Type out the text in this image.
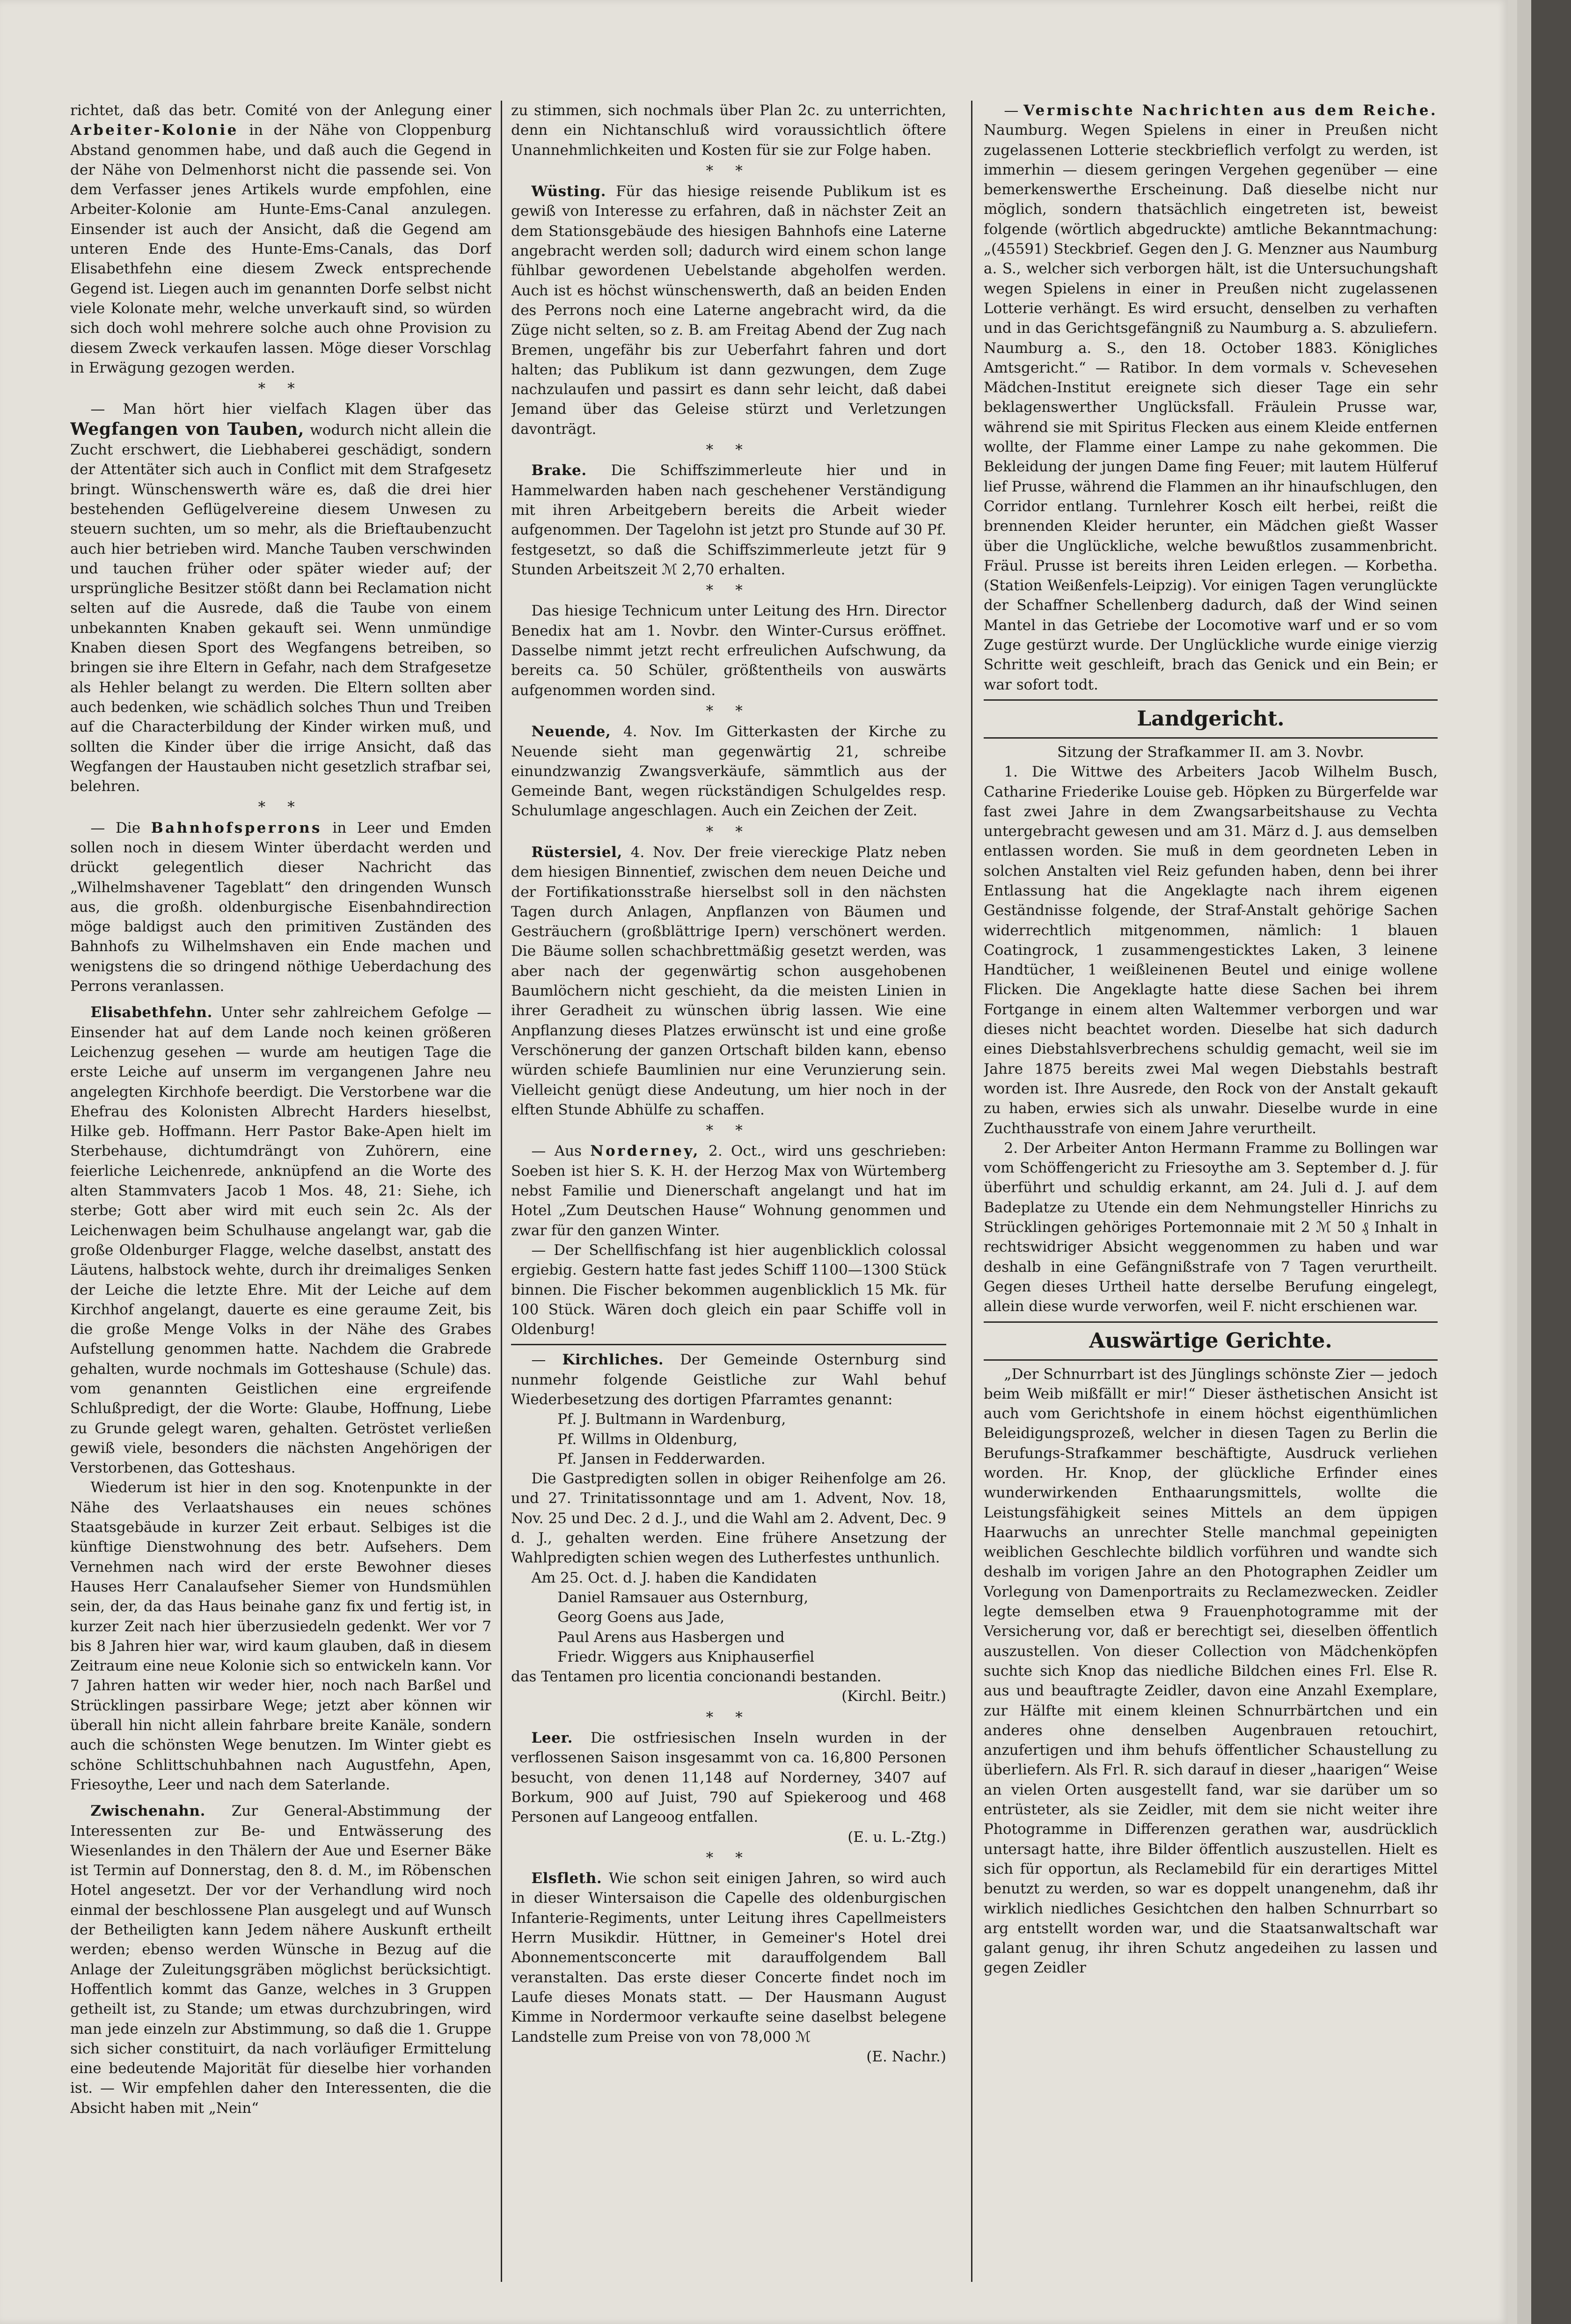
richtet, daß das betr. Comité von der Anlegung einer Arbeiter-Kolonie in der Nähe von Cloppenburg Abstand genommen habe, und daß auch die Gegend in der Nähe von Delmenhorst nicht die passende sei. Von dem Verfasser jenes Artikels wurde empfohlen, eine Arbeiter-Kolonie am Hunte-Ems-Canal anzulegen. Einsender ist auch der Ansicht, daß die Gegend am unteren Ende des Hunte-Ems-Canals, das Dorf Elisabethfehn eine diesem Zweck entsprechende Gegend ist. Liegen auch im genannten Dorfe selbst nicht viele Kolonate mehr, welche unverkauft sind, so würden sich doch wohl mehrere solche auch ohne Provision zu diesem Zweck verkaufen lassen. Möge dieser Vorschlag in Erwägung gezogen werden.

* *

— Man hört hier vielfach Klagen über das Wegfangen von Tauben, wodurch nicht allein die Zucht erschwert, die Liebhaberei geschädigt, sondern der Attentäter sich auch in Conflict mit dem Strafgesetz bringt. Wünschenswerth wäre es, daß die drei hier bestehenden Geflügelvereine diesem Unwesen zu steuern suchten, um so mehr, als die Brieftaubenzucht auch hier betrieben wird. Manche Tauben verschwinden und tauchen früher oder später wieder auf; der ursprüngliche Besitzer stößt dann bei Reclamation nicht selten auf die Ausrede, daß die Taube von einem unbekannten Knaben gekauft sei. Wenn unmündige Knaben diesen Sport des Wegfangens betreiben, so bringen sie ihre Eltern in Gefahr, nach dem Strafgesetze als Hehler belangt zu werden. Die Eltern sollten aber auch bedenken, wie schädlich solches Thun und Treiben auf die Characterbildung der Kinder wirken muß, und sollten die Kinder über die irrige Ansicht, daß das Wegfangen der Haustauben nicht gesetzlich strafbar sei, belehren.

* *

— Die Bahnhofsperrons in Leer und Emden sollen noch in diesem Winter überdacht werden und drückt gelegentlich dieser Nachricht das „Wilhelmshavener Tageblatt“ den dringenden Wunsch aus, die großh. oldenburgische Eisenbahndirection möge baldigst auch den primitiven Zuständen des Bahnhofs zu Wilhelmshaven ein Ende machen und wenigstens die so dringend nöthige Ueberdachung des Perrons veranlassen.

Elisabethfehn. Unter sehr zahlreichem Gefolge — Einsender hat auf dem Lande noch keinen größeren Leichenzug gesehen — wurde am heutigen Tage die erste Leiche auf unserm im vergangenen Jahre neu angelegten Kirchhofe beerdigt. Die Verstorbene war die Ehefrau des Kolonisten Albrecht Harders hieselbst, Hilke geb. Hoffmann. Herr Pastor Bake-Apen hielt im Sterbehause, dichtumdrängt von Zuhörern, eine feierliche Leichenrede, anknüpfend an die Worte des alten Stammvaters Jacob 1 Mos. 48, 21: Siehe, ich sterbe; Gott aber wird mit euch sein 2c. Als der Leichenwagen beim Schulhause angelangt war, gab die große Oldenburger Flagge, welche daselbst, anstatt des Läutens, halbstock wehte, durch ihr dreimaliges Senken der Leiche die letzte Ehre. Mit der Leiche auf dem Kirchhof angelangt, dauerte es eine geraume Zeit, bis die große Menge Volks in der Nähe des Grabes Aufstellung genommen hatte. Nachdem die Grabrede gehalten, wurde nochmals im Gotteshause (Schule) das. vom genannten Geistlichen eine ergreifende Schlußpredigt, der die Worte: Glaube, Hoffnung, Liebe zu Grunde gelegt waren, gehalten. Getröstet verließen gewiß viele, besonders die nächsten Angehörigen der Verstorbenen, das Gotteshaus.

Wiederum ist hier in den sog. Knotenpunkte in der Nähe des Verlaatshauses ein neues schönes Staatsgebäude in kurzer Zeit erbaut. Selbiges ist die künftige Dienstwohnung des betr. Aufsehers. Dem Vernehmen nach wird der erste Bewohner dieses Hauses Herr Canalaufseher Siemer von Hundsmühlen sein, der, da das Haus beinahe ganz fix und fertig ist, in kurzer Zeit nach hier überzusiedeln gedenkt. Wer vor 7 bis 8 Jahren hier war, wird kaum glauben, daß in diesem Zeitraum eine neue Kolonie sich so entwickeln kann. Vor 7 Jahren hatten wir weder hier, noch nach Barßel und Strücklingen passirbare Wege; jetzt aber können wir überall hin nicht allein fahrbare breite Kanäle, sondern auch die schönsten Wege benutzen. Im Winter giebt es schöne Schlittschuhbahnen nach Augustfehn, Apen, Friesoythe, Leer und nach dem Saterlande.

Zwischenahn. Zur General-Abstimmung der Interessenten zur Be- und Entwässerung des Wiesenlandes in den Thälern der Aue und Eserner Bäke ist Termin auf Donnerstag, den 8. d. M., im Röbenschen Hotel angesetzt. Der vor der Verhandlung wird noch einmal der beschlossene Plan ausgelegt und auf Wunsch der Betheiligten kann Jedem nähere Auskunft ertheilt werden; ebenso werden Wünsche in Bezug auf die Anlage der Zuleitungsgräben möglichst berücksichtigt. Hoffentlich kommt das Ganze, welches in 3 Gruppen getheilt ist, zu Stande; um etwas durchzubringen, wird man jede einzeln zur Abstimmung, so daß die 1. Gruppe sich sicher constituirt, da nach vorläufiger Ermittelung eine bedeutende Majorität für dieselbe hier vorhanden ist. — Wir empfehlen daher den Interessenten, die die Absicht haben mit „Nein“

zu stimmen, sich nochmals über Plan 2c. zu unterrichten, denn ein Nichtanschluß wird voraussichtlich öftere Unannehmlichkeiten und Kosten für sie zur Folge haben.

* *

Wüsting. Für das hiesige reisende Publikum ist es gewiß von Interesse zu erfahren, daß in nächster Zeit an dem Stationsgebäude des hiesigen Bahnhofs eine Laterne angebracht werden soll; dadurch wird einem schon lange fühlbar gewordenen Uebelstande abgeholfen werden. Auch ist es höchst wünschenswerth, daß an beiden Enden des Perrons noch eine Laterne angebracht wird, da die Züge nicht selten, so z. B. am Freitag Abend der Zug nach Bremen, ungefähr bis zur Ueberfahrt fahren und dort halten; das Publikum ist dann gezwungen, dem Zuge nachzulaufen und passirt es dann sehr leicht, daß dabei Jemand über das Geleise stürzt und Verletzungen davonträgt.

* *

Brake. Die Schiffszimmerleute hier und in Hammelwarden haben nach geschehener Verständigung mit ihren Arbeitgebern bereits die Arbeit wieder aufgenommen. Der Tagelohn ist jetzt pro Stunde auf 30 Pf. festgesetzt, so daß die Schiffszimmerleute jetzt für 9 Stunden Arbeitszeit ℳ 2,70 erhalten.

* *

Das hiesige Technicum unter Leitung des Hrn. Director Benedix hat am 1. Novbr. den Winter-Cursus eröffnet. Dasselbe nimmt jetzt recht erfreulichen Aufschwung, da bereits ca. 50 Schüler, größtentheils von auswärts aufgenommen worden sind.

* *

Neuende, 4. Nov. Im Gitterkasten der Kirche zu Neuende sieht man gegenwärtig 21, schreibe einundzwanzig Zwangsverkäufe, sämmtlich aus der Gemeinde Bant, wegen rückständigen Schulgeldes resp. Schulumlage angeschlagen. Auch ein Zeichen der Zeit.

* *

Rüstersiel, 4. Nov. Der freie viereckige Platz neben dem hiesigen Binnentief, zwischen dem neuen Deiche und der Fortifikationsstraße hierselbst soll in den nächsten Tagen durch Anlagen, Anpflanzen von Bäumen und Gesträuchern (großblättrige Ipern) verschönert werden. Die Bäume sollen schachbrettmäßig gesetzt werden, was aber nach der gegenwärtig schon ausgehobenen Baumlöchern nicht geschieht, da die meisten Linien in ihrer Geradheit zu wünschen übrig lassen. Wie eine Anpflanzung dieses Platzes erwünscht ist und eine große Verschönerung der ganzen Ortschaft bilden kann, ebenso würden schiefe Baumlinien nur eine Verunzierung sein. Vielleicht genügt diese Andeutung, um hier noch in der elften Stunde Abhülfe zu schaffen.

* *

— Aus Norderney, 2. Oct., wird uns geschrieben: Soeben ist hier S. K. H. der Herzog Max von Würtemberg nebst Familie und Dienerschaft angelangt und hat im Hotel „Zum Deutschen Hause“ Wohnung genommen und zwar für den ganzen Winter.

— Der Schellfischfang ist hier augenblicklich colossal ergiebig. Gestern hatte fast jedes Schiff 1100—1300 Stück binnen. Die Fischer bekommen augenblicklich 15 Mk. für 100 Stück. Wären doch gleich ein paar Schiffe voll in Oldenburg!

— Kirchliches. Der Gemeinde Osternburg sind nunmehr folgende Geistliche zur Wahl behuf Wiederbesetzung des dortigen Pfarramtes genannt:

Pf. J. Bultmann in Wardenburg,

Pf. Willms in Oldenburg,

Pf. Jansen in Fedderwarden.

Die Gastpredigten sollen in obiger Reihenfolge am 26. und 27. Trinitatissonntage und am 1. Advent, Nov. 18, Nov. 25 und Dec. 2 d. J., und die Wahl am 2. Advent, Dec. 9 d. J., gehalten werden. Eine frühere Ansetzung der Wahlpredigten schien wegen des Lutherfestes unthunlich.

Am 25. Oct. d. J. haben die Kandidaten

Daniel Ramsauer aus Osternburg,

Georg Goens aus Jade,

Paul Arens aus Hasbergen und

Friedr. Wiggers aus Kniphauserfiel

das Tentamen pro licentia concionandi bestanden.

(Kirchl. Beitr.)

* *

Leer. Die ostfriesischen Inseln wurden in der verflossenen Saison insgesammt von ca. 16,800 Personen besucht, von denen 11,148 auf Norderney, 3407 auf Borkum, 900 auf Juist, 790 auf Spiekeroog und 468 Personen auf Langeoog entfallen.

(E. u. L.-Ztg.)

* *

Elsfleth. Wie schon seit einigen Jahren, so wird auch in dieser Wintersaison die Capelle des oldenburgischen Infanterie-Regiments, unter Leitung ihres Capellmeisters Herrn Musikdir. Hüttner, in Gemeiner's Hotel drei Abonnementsconcerte mit darauffolgendem Ball veranstalten. Das erste dieser Concerte findet noch im Laufe dieses Monats statt. — Der Hausmann August Kimme in Nordermoor verkaufte seine daselbst belegene Landstelle zum Preise von von 78,000 ℳ

(E. Nachr.)

— Vermischte Nachrichten aus dem Reiche. Naumburg. Wegen Spielens in einer in Preußen nicht zugelassenen Lotterie steckbrieflich verfolgt zu werden, ist immerhin — diesem geringen Vergehen gegenüber — eine bemerkenswerthe Erscheinung. Daß dieselbe nicht nur möglich, sondern thatsächlich eingetreten ist, beweist folgende (wörtlich abgedruckte) amtliche Bekanntmachung: „(45591) Steckbrief. Gegen den J. G. Menzner aus Naumburg a. S., welcher sich verborgen hält, ist die Untersuchungshaft wegen Spielens in einer in Preußen nicht zugelassenen Lotterie verhängt. Es wird ersucht, denselben zu verhaften und in das Gerichtsgefängniß zu Naumburg a. S. abzuliefern. Naumburg a. S., den 18. October 1883. Königliches Amtsgericht.“ — Ratibor. In dem vormals v. Schevesehen Mädchen-Institut ereignete sich dieser Tage ein sehr beklagenswerther Unglücksfall. Fräulein Prusse war, während sie mit Spiritus Flecken aus einem Kleide entfernen wollte, der Flamme einer Lampe zu nahe gekommen. Die Bekleidung der jungen Dame fing Feuer; mit lautem Hülferuf lief Prusse, während die Flammen an ihr hinaufschlugen, den Corridor entlang. Turnlehrer Kosch eilt herbei, reißt die brennenden Kleider herunter, ein Mädchen gießt Wasser über die Unglückliche, welche bewußtlos zusammenbricht. Fräul. Prusse ist bereits ihren Leiden erlegen. — Korbetha. (Station Weißenfels-Leipzig). Vor einigen Tagen verunglückte der Schaffner Schellenberg dadurch, daß der Wind seinen Mantel in das Getriebe der Locomotive warf und er so vom Zuge gestürzt wurde. Der Unglückliche wurde einige vierzig Schritte weit geschleift, brach das Genick und ein Bein; er war sofort todt.

Landgericht.

Sitzung der Strafkammer II. am 3. Novbr.

1. Die Wittwe des Arbeiters Jacob Wilhelm Busch, Catharine Friederike Louise geb. Höpken zu Bürgerfelde war fast zwei Jahre in dem Zwangsarbeitshause zu Vechta untergebracht gewesen und am 31. März d. J. aus demselben entlassen worden. Sie muß in dem geordneten Leben in solchen Anstalten viel Reiz gefunden haben, denn bei ihrer Entlassung hat die Angeklagte nach ihrem eigenen Geständnisse folgende, der Straf-Anstalt gehörige Sachen widerrechtlich mitgenommen, nämlich: 1 blauen Coatingrock, 1 zusammengesticktes Laken, 3 leinene Handtücher, 1 weißleinenen Beutel und einige wollene Flicken. Die Angeklagte hatte diese Sachen bei ihrem Fortgange in einem alten Waltemmer verborgen und war dieses nicht beachtet worden. Dieselbe hat sich dadurch eines Diebstahlsverbrechens schuldig gemacht, weil sie im Jahre 1875 bereits zwei Mal wegen Diebstahls bestraft worden ist. Ihre Ausrede, den Rock von der Anstalt gekauft zu haben, erwies sich als unwahr. Dieselbe wurde in eine Zuchthausstrafe von einem Jahre verurtheilt.

2. Der Arbeiter Anton Hermann Framme zu Bollingen war vom Schöffengericht zu Friesoythe am 3. September d. J. für überführt und schuldig erkannt, am 24. Juli d. J. auf dem Badeplatze zu Utende ein dem Nehmungsteller Hinrichs zu Strücklingen gehöriges Portemonnaie mit 2 ℳ 50 ₰ Inhalt in rechtswidriger Absicht weggenommen zu haben und war deshalb in eine Gefängnißstrafe von 7 Tagen verurtheilt. Gegen dieses Urtheil hatte derselbe Berufung eingelegt, allein diese wurde verworfen, weil F. nicht erschienen war.

Auswärtige Gerichte.

„Der Schnurrbart ist des Jünglings schönste Zier — jedoch beim Weib mißfällt er mir!“ Dieser ästhetischen Ansicht ist auch vom Gerichtshofe in einem höchst eigenthümlichen Beleidigungsprozeß, welcher in diesen Tagen zu Berlin die Berufungs-Strafkammer beschäftigte, Ausdruck verliehen worden. Hr. Knop, der glückliche Erfinder eines wunderwirkenden Enthaarungsmittels, wollte die Leistungsfähigkeit seines Mittels an dem üppigen Haarwuchs an unrechter Stelle manchmal gepeinigten weiblichen Geschlechte bildlich vorführen und wandte sich deshalb im vorigen Jahre an den Photographen Zeidler um Vorlegung von Damenportraits zu Reclamezwecken. Zeidler legte demselben etwa 9 Frauenphotogramme mit der Versicherung vor, daß er berechtigt sei, dieselben öffentlich auszustellen. Von dieser Collection von Mädchenköpfen suchte sich Knop das niedliche Bildchen eines Frl. Else R. aus und beauftragte Zeidler, davon eine Anzahl Exemplare, zur Hälfte mit einem kleinen Schnurrbärtchen und ein anderes ohne denselben Augenbrauen retouchirt, anzufertigen und ihm behufs öffentlicher Schaustellung zu überliefern. Als Frl. R. sich darauf in dieser „haarigen“ Weise an vielen Orten ausgestellt fand, war sie darüber um so entrüsteter, als sie Zeidler, mit dem sie nicht weiter ihre Photogramme in Differenzen gerathen war, ausdrücklich untersagt hatte, ihre Bilder öffentlich auszustellen. Hielt es sich für opportun, als Reclamebild für ein derartiges Mittel benutzt zu werden, so war es doppelt unangenehm, daß ihr wirklich niedliches Gesichtchen den halben Schnurrbart so arg entstellt worden war, und die Staatsanwaltschaft war galant genug, ihr ihren Schutz angedeihen zu lassen und gegen Zeidler
